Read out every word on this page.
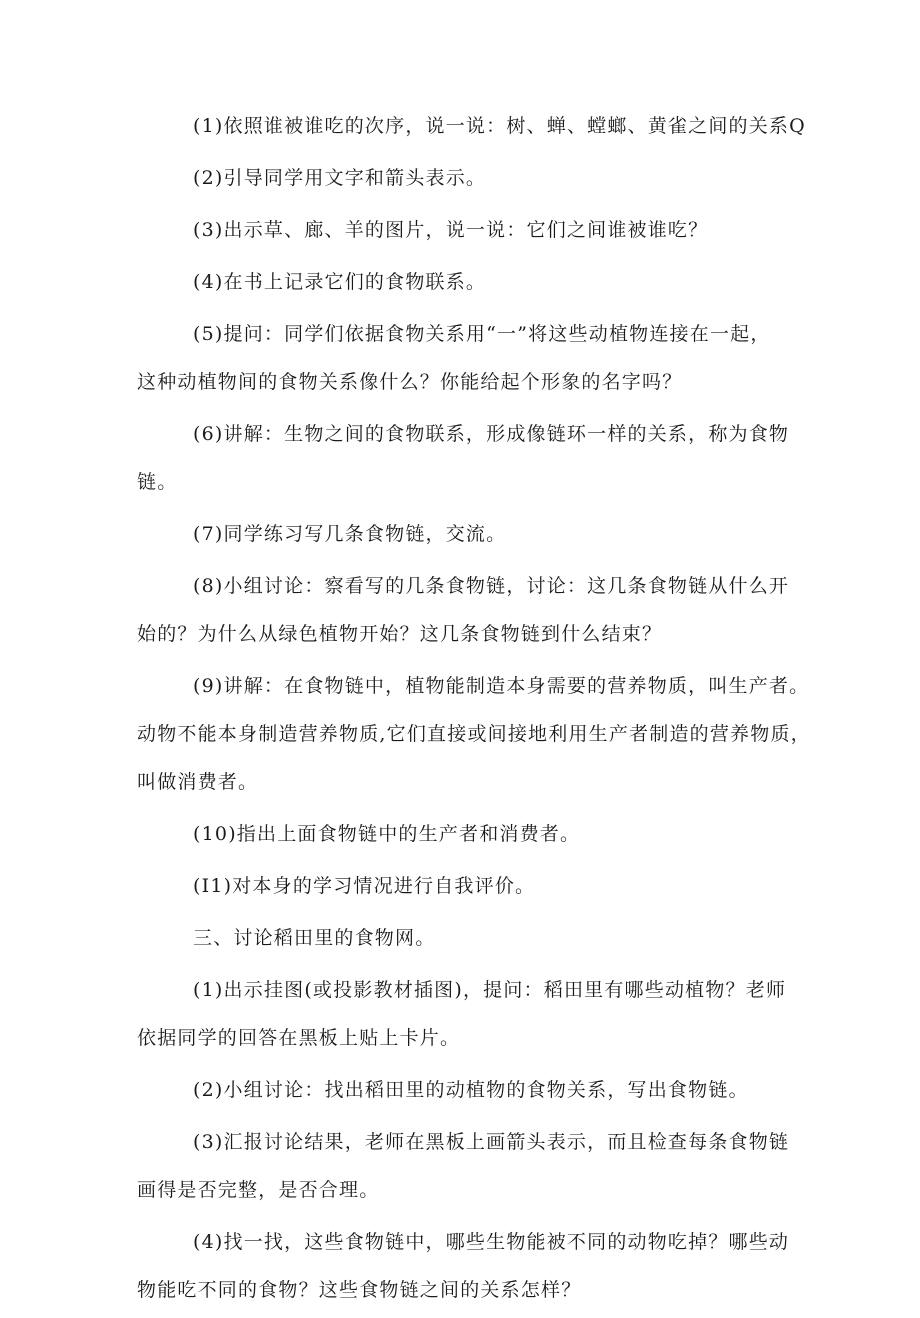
(1)依照谁被谁吃的次序，说一说：树、蝉、螳螂、黄雀之间的关系Q
(2)引导同学用文字和箭头表示。
(3)出示草、廊、羊的图片，说一说：它们之间谁被谁吃？
(4)在书上记录它们的食物联系。
(5)提问：同学们依据食物关系用“一”将这些动植物连接在一起，
这种动植物间的食物关系像什么？你能给起个形象的名字吗？
(6)讲解：生物之间的食物联系，形成像链环一样的关系，称为食物
链。
(7)同学练习写几条食物链，交流。
(8)小组讨论：察看写的几条食物链，讨论：这几条食物链从什么开
始的？为什么从绿色植物开始？这几条食物链到什么结束？
(9)讲解：在食物链中，植物能制造本身需要的营养物质，叫生产者。
动物不能本身制造营养物质,它们直接或间接地利用生产者制造的营养物质，
叫做消费者。
(10)指出上面食物链中的生产者和消费者。
(I1)对本身的学习情况进行自我评价。
三、讨论稻田里的食物网。
(1)出示挂图(或投影教材插图)，提问：稻田里有哪些动植物？老师
依据同学的回答在黑板上贴上卡片。
(2)小组讨论：找出稻田里的动植物的食物关系，写出食物链。
(3)汇报讨论结果，老师在黑板上画箭头表示，而且检查每条食物链
画得是否完整，是否合理。
(4)找一找，这些食物链中，哪些生物能被不同的动物吃掉？哪些动
物能吃不同的食物？这些食物链之间的关系怎样？
